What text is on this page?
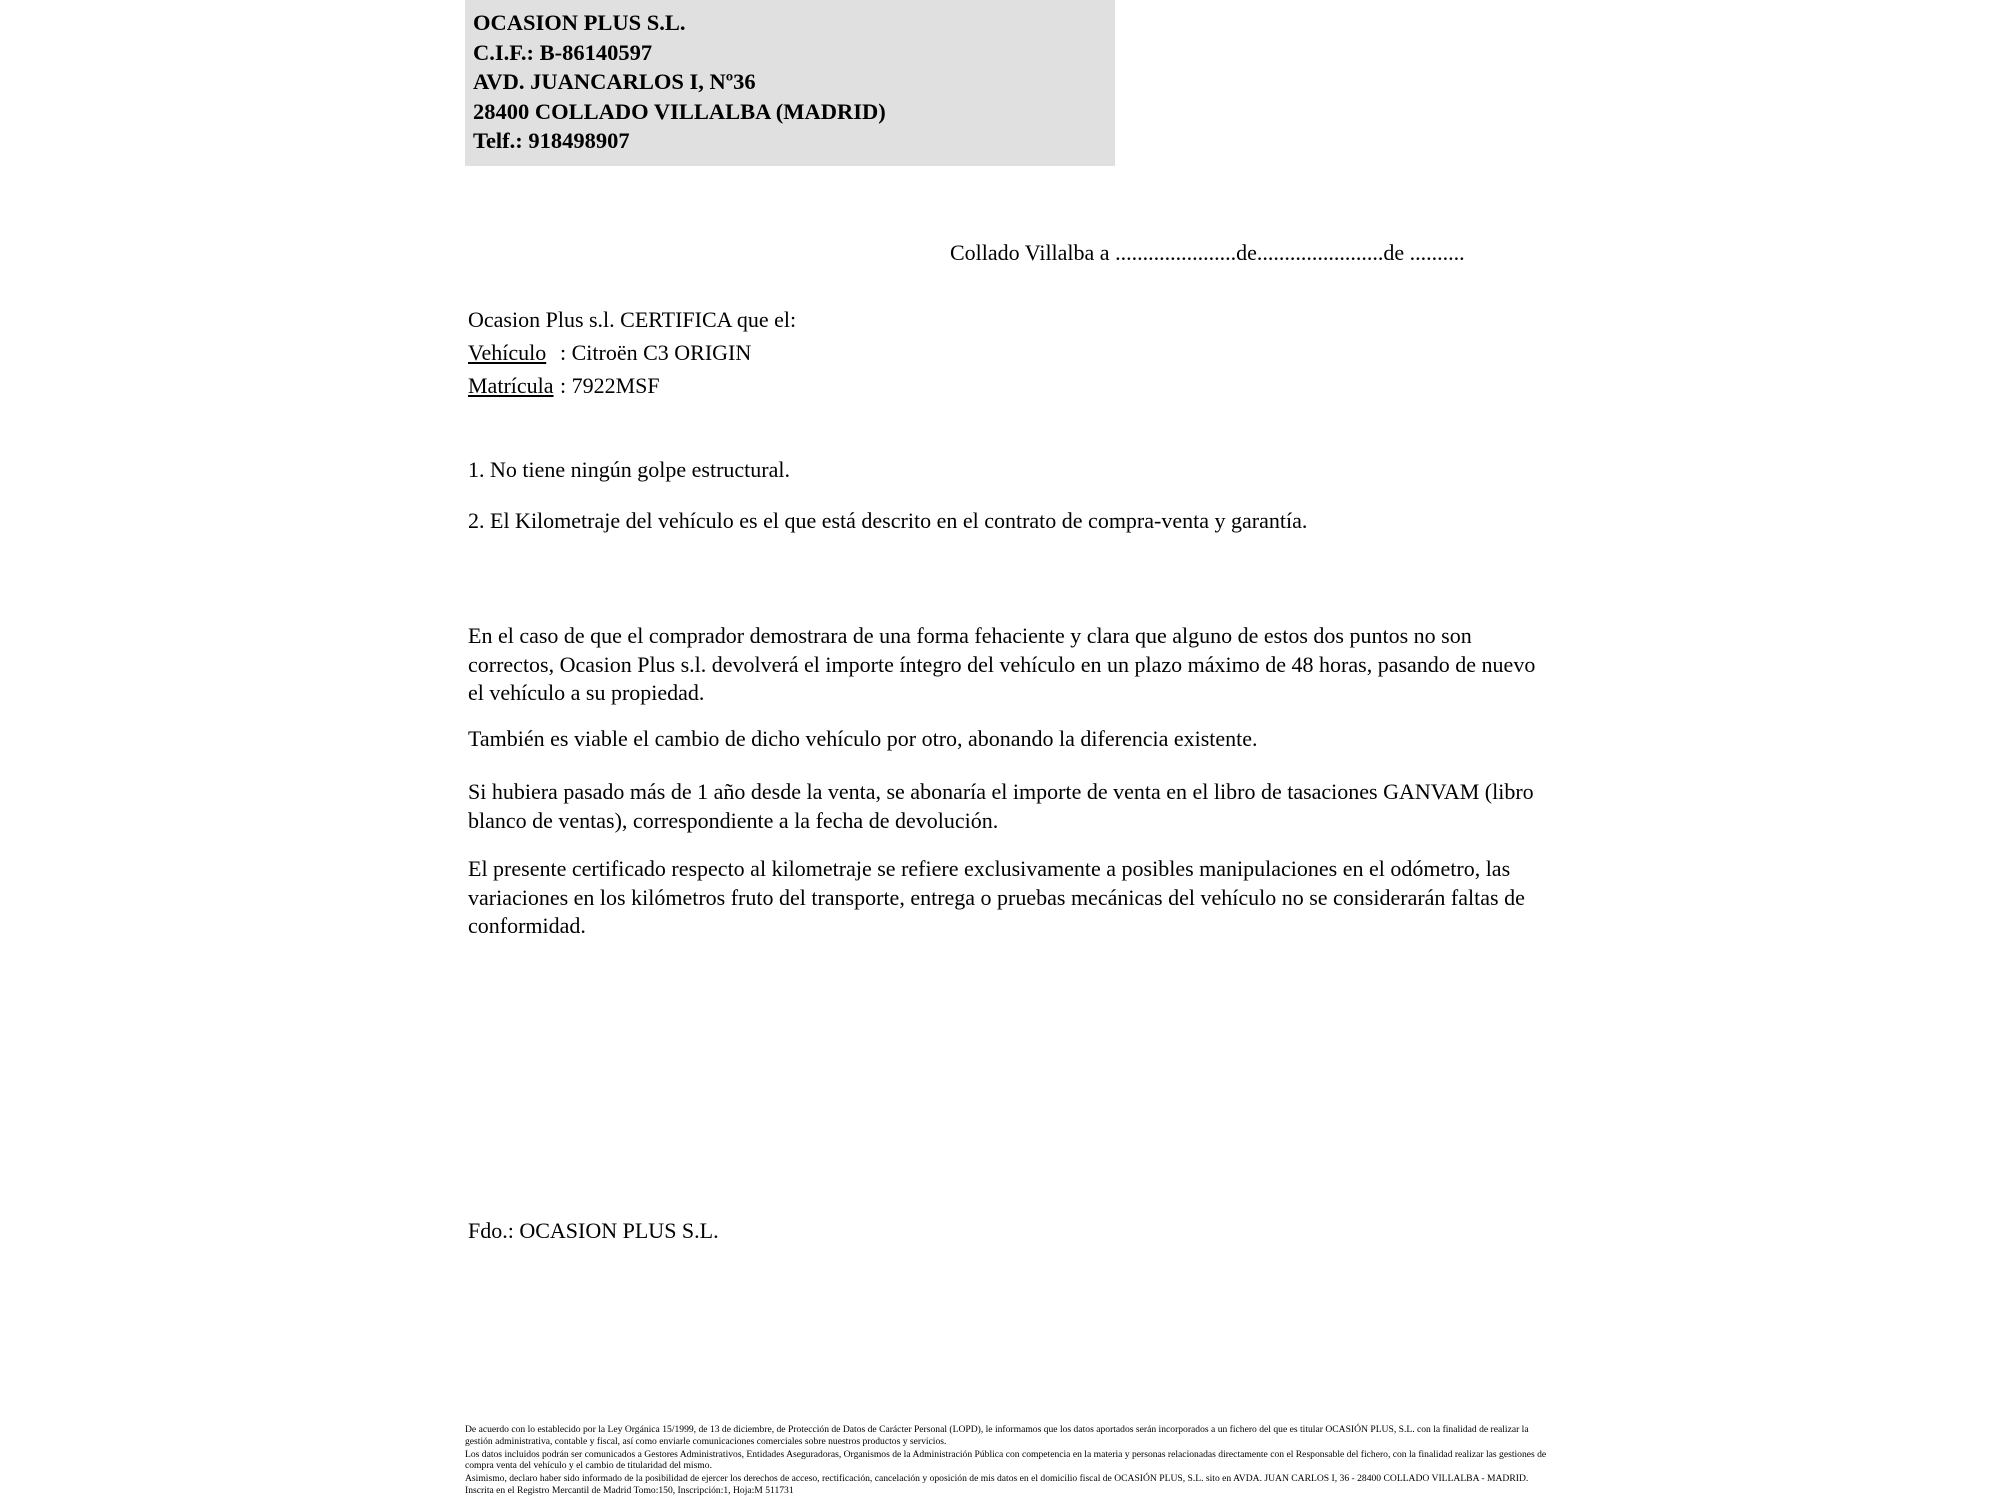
OCASION PLUS S.L.
C.I.F.: B-86140597
AVD. JUANCARLOS I, Nº36
28400 COLLADO VILLALBA (MADRID)
Telf.: 918498907
Collado Villalba a ......................de.......................de ..........
Ocasion Plus s.l. CERTIFICA que el:
Vehículo : Citroën C3 ORIGIN
Matrícula : 7922MSF
1. No tiene ningún golpe estructural.
2. El Kilometraje del vehículo es el que está descrito en el contrato de compra-venta y garantía.
En el caso de que el comprador demostrara de una forma fehaciente y clara que alguno de estos dos puntos no son correctos, Ocasion Plus s.l. devolverá el importe íntegro del vehículo en un plazo máximo de 48 horas, pasando de nuevo el vehículo a su propiedad.
También es viable el cambio de dicho vehículo por otro, abonando la diferencia existente.
Si hubiera pasado más de 1 año desde la venta, se abonaría el importe de venta en el libro de tasaciones GANVAM (libro blanco de ventas), correspondiente a la fecha de devolución.
El presente certificado respecto al kilometraje se refiere exclusivamente a posibles manipulaciones en el odómetro, las variaciones en los kilómetros fruto del transporte, entrega o pruebas mecánicas del vehículo no se considerarán faltas de conformidad.
Fdo.: OCASION PLUS S.L.

De acuerdo con lo establecido por la Ley Orgánica 15/1999, de 13 de diciembre, de Protección de Datos de Carácter Personal (LOPD), le informamos que los datos aportados serán incorporados a un fichero del que es titular OCASIÓN PLUS, S.L. con la finalidad de realizar la gestión administrativa, contable y fiscal, así como enviarle comunicaciones comerciales sobre nuestros productos y servicios.

Los datos incluidos podrán ser comunicados a Gestores Administrativos, Entidades Aseguradoras, Organismos de la Administración Pública con competencia en la materia y personas relacionadas directamente con el Responsable del fichero, con la finalidad realizar las gestiones de compra venta del vehículo y el cambio de titularidad del mismo.

Asimismo, declaro haber sido informado de la posibilidad de ejercer los derechos de acceso, rectificación, cancelación y oposición de mis datos en el domicilio fiscal de OCASIÓN PLUS, S.L. sito en AVDA. JUAN CARLOS I, 36 - 28400 COLLADO VILLALBA - MADRID. Inscrita en el Registro Mercantil de Madrid Tomo:150, Inscripción:1, Hoja:M 511731
